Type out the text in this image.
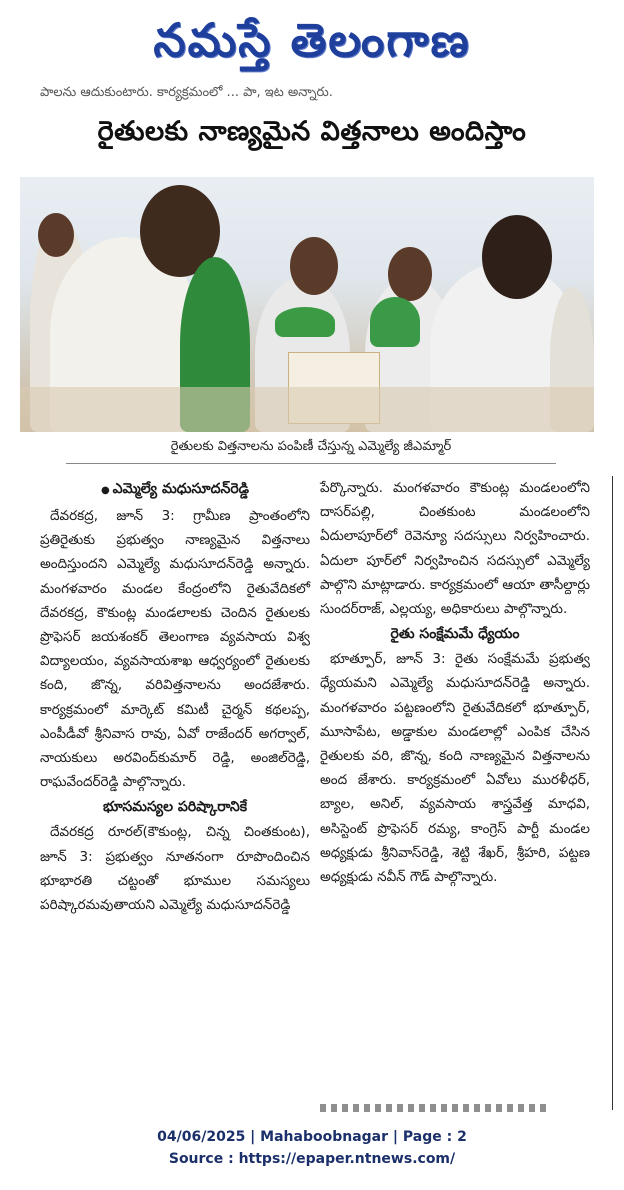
నమస్తే తెలంగాణ
పాలను ఆదుకుంటారు. కార్యక్రమంలో ... పా, ఇట అన్నారు.
రైతులకు నాణ్యమైన విత్తనాలు అందిస్తాం
రైతులకు విత్తనాలను పంపిణీ చేస్తున్న ఎమ్మెల్యే జీఎమ్మార్
● ఎమ్మెల్యే మధుసూదన్‌రెడ్డి

దేవరకద్ర, జూన్ 3: గ్రామీణ ప్రాంతంలోని ప్రతిరైతుకు ప్రభుత్వం నాణ్యమైన విత్తనాలు అందిస్తుందని ఎమ్మెల్యే మధుసూదన్‌రెడ్డి అన్నారు. మంగళవారం మండల కేంద్రంలోని రైతువేదికలో దేవరకద్ర, కౌకుంట్ల మండలాలకు చెందిన రైతులకు ప్రొఫెసర్ జయశంకర్ తెలంగాణ వ్యవసాయ విశ్వ విద్యాలయం, వ్యవసాయశాఖ ఆధ్వర్యంలో రైతులకు కంది, జొన్న, వరివిత్తనాలను అందజేశారు. కార్యక్రమంలో మార్కెట్ కమిటీ చైర్మన్ కథలప్ప, ఎంపీడీవో శ్రీనివాస రావు, ఏవో రాజేందర్ అగర్వాల్, నాయకులు అరవింద్‌కుమార్ రెడ్డి, అంజిల్‌రెడ్డి, రాఘవేందర్‌రెడ్డి పాల్గొన్నారు.

భూసమస్యల పరిష్కారానికే

దేవరకద్ర రూరల్(కౌకుంట్ల, చిన్న చింతకుంట), జూన్ 3: ప్రభుత్వం నూతనంగా రూపొందించిన భూభారతి చట్టంతో భూముల సమస్యలు పరిష్కారమవుతాయని ఎమ్మెల్యే మధుసూదన్‌రెడ్డి

పేర్కొన్నారు. మంగళవారం కౌకుంట్ల మండలంలోని దాసర్‌పల్లి, చింతకుంట మండలంలోని ఏదులాపూర్‌లో రెవెన్యూ సదస్సులు నిర్వహించారు. ఏదులా పూర్‌లో నిర్వహించిన సదస్సులో ఎమ్మెల్యే పాల్గొని మాట్లాడారు. కార్యక్రమంలో ఆయా తాసీల్దార్లు సుందర్‌రాజ్, ఎల్లయ్య, అధికారులు పాల్గొన్నారు.

రైతు సంక్షేమమే ధ్యేయం

భూత్పూర్, జూన్ 3: రైతు సంక్షేమమే ప్రభుత్వ ధ్యేయమని ఎమ్మెల్యే మధుసూదన్‌రెడ్డి అన్నారు. మంగళవారం పట్టణంలోని రైతువేదికలో భూత్పూర్, మూసాపేట, అడ్డాకుల మండలాల్లో ఎంపిక చేసిన రైతులకు వరి, జొన్న, కంది నాణ్యమైన విత్తనాలను అంద జేశారు. కార్యక్రమంలో ఏవోలు మురళీధర్, బ్యాల, అనిల్, వ్యవసాయ శాస్త్రవేత్త మాధవి, అసిస్టెంట్ ప్రొఫెసర్ రమ్య, కాంగ్రెస్ పార్టీ మండల అధ్యక్షుడు శ్రీనివాస్‌రెడ్డి, శెట్టి శేఖర్, శ్రీహరి, పట్టణ అధ్యక్షుడు నవీన్ గౌడ్ పాల్గొన్నారు.

04/06/2025 | Mahaboobnagar | Page : 2
Source : https://epaper.ntnews.com/
